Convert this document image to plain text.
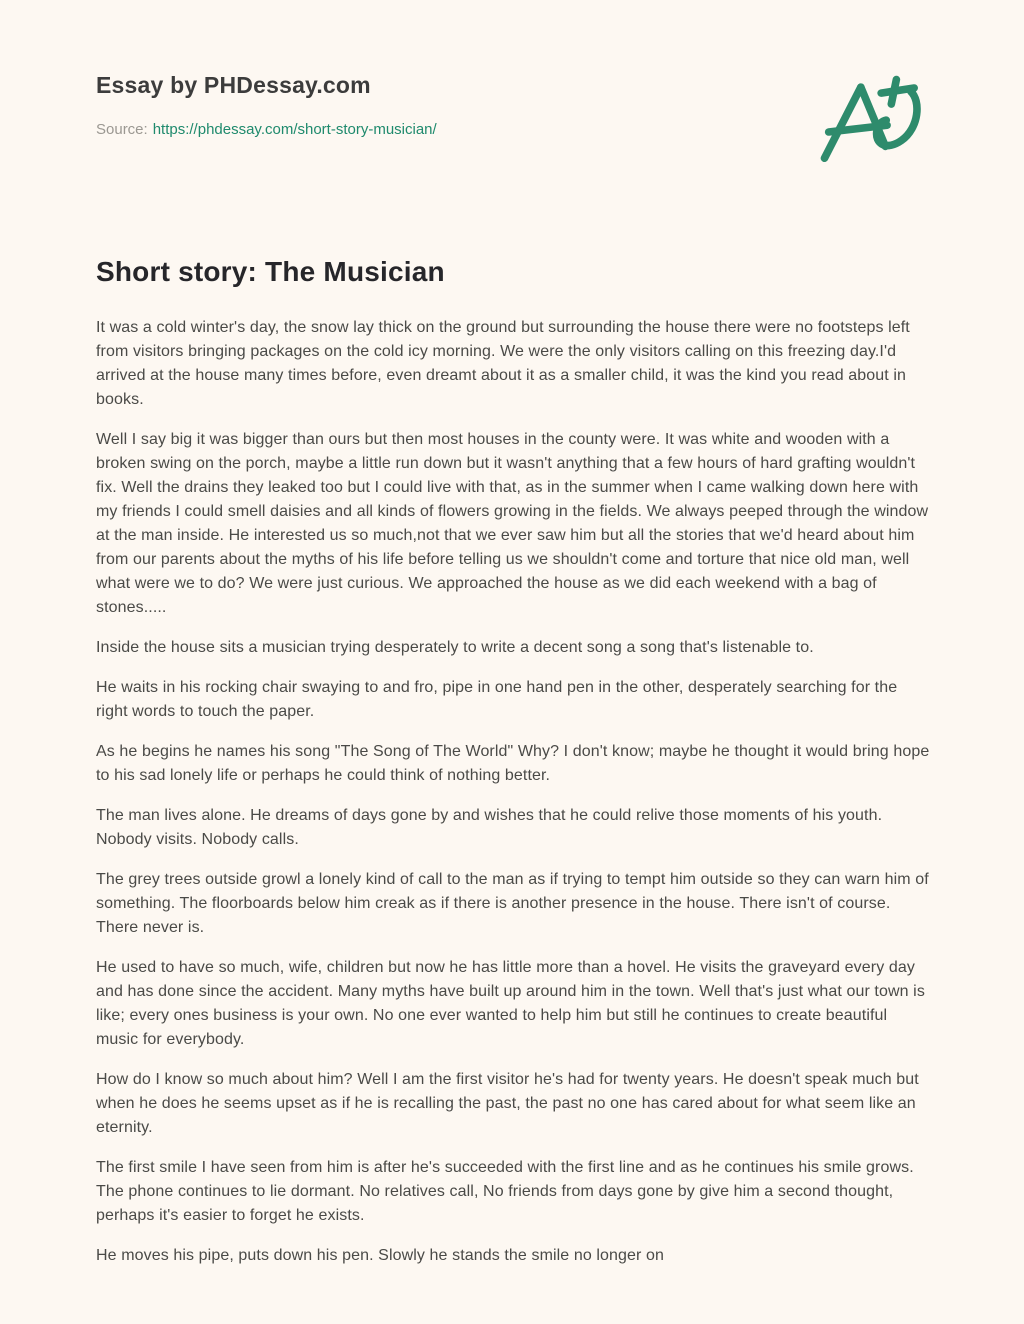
Essay by PHDessay.com
Source: https://phdessay.com/short-story-musician/
Short story: The Musician

It was a cold winter's day, the snow lay thick on the ground but surrounding the house there were no footsteps left from visitors bringing packages on the cold icy morning. We were the only visitors calling on this freezing day.I'd arrived at the house many times before, even dreamt about it as a smaller child, it was the kind you read about in books.

Well I say big it was bigger than ours but then most houses in the county were. It was white and wooden with a broken swing on the porch, maybe a little run down but it wasn't anything that a few hours of hard grafting wouldn't fix. Well the drains they leaked too but I could live with that, as in the summer when I came walking down here with my friends I could smell daisies and all kinds of flowers growing in the fields. We always peeped through the window at the man inside. He interested us so much,not that we ever saw him but all the stories that we'd heard about him from our parents about the myths of his life before telling us we shouldn't come and torture that nice old man, well what were we to do? We were just curious. We approached the house as we did each weekend with a bag of stones.....

Inside the house sits a musician trying desperately to write a decent song a song that's listenable to.

He waits in his rocking chair swaying to and fro, pipe in one hand pen in the other, desperately searching for the right words to touch the paper.

As he begins he names his song "The Song of The World" Why? I don't know; maybe he thought it would bring hope to his sad lonely life or perhaps he could think of nothing better.

The man lives alone. He dreams of days gone by and wishes that he could relive those moments of his youth. Nobody visits. Nobody calls.

The grey trees outside growl a lonely kind of call to the man as if trying to tempt him outside so they can warn him of something. The floorboards below him creak as if there is another presence in the house. There isn't of course. There never is.

He used to have so much, wife, children but now he has little more than a hovel. He visits the graveyard every day and has done since the accident. Many myths have built up around him in the town. Well that's just what our town is like; every ones business is your own. No one ever wanted to help him but still he continues to create beautiful music for everybody.

How do I know so much about him? Well I am the first visitor he's had for twenty years. He doesn't speak much but when he does he seems upset as if he is recalling the past, the past no one has cared about for what seem like an eternity.

The first smile I have seen from him is after he's succeeded with the first line and as he continues his smile grows. The phone continues to lie dormant. No relatives call, No friends from days gone by give him a second thought, perhaps it's easier to forget he exists.

He moves his pipe, puts down his pen. Slowly he stands the smile no longer on
